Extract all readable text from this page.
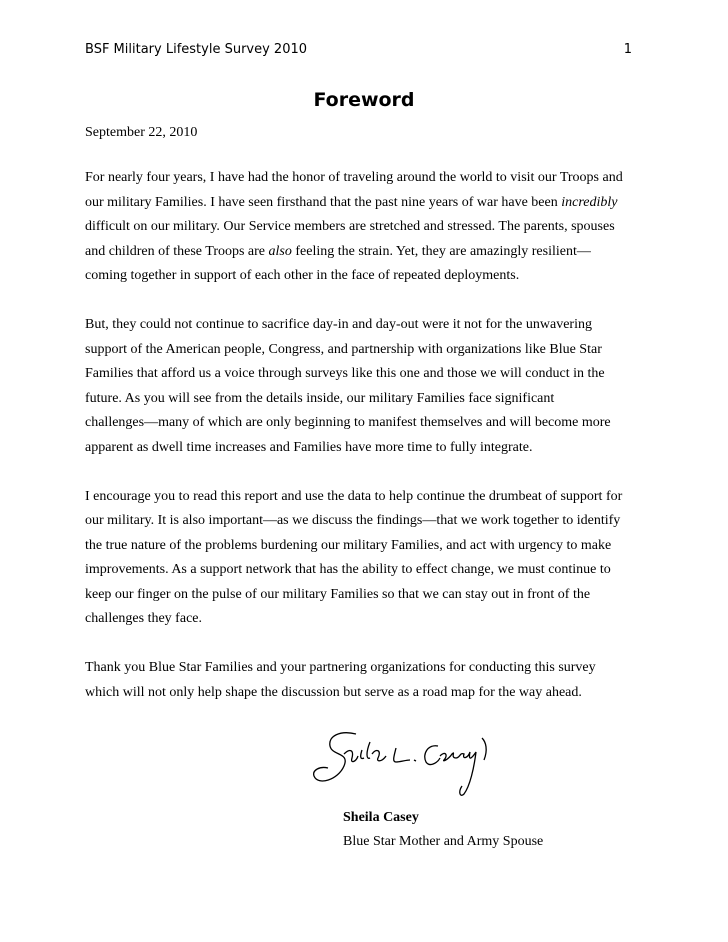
BSF Military Lifestyle Survey 2010	1
Foreword
September 22, 2010
For nearly four years, I have had the honor of traveling around the world to visit our Troops and
our military Families. I have seen firsthand that the past nine years of war have been incredibly
difficult on our military. Our Service members are stretched and stressed. The parents, spouses
and children of these Troops are also feeling the strain. Yet, they are amazingly resilient—
coming together in support of each other in the face of repeated deployments.
But, they could not continue to sacrifice day-in and day-out were it not for the unwavering
support of the American people, Congress, and partnership with organizations like Blue Star
Families that afford us a voice through surveys like this one and those we will conduct in the
future. As you will see from the details inside, our military Families face significant
challenges—many of which are only beginning to manifest themselves and will become more
apparent as dwell time increases and Families have more time to fully integrate.
I encourage you to read this report and use the data to help continue the drumbeat of support for
our military. It is also important—as we discuss the findings—that we work together to identify
the true nature of the problems burdening our military Families, and act with urgency to make
improvements. As a support network that has the ability to effect change, we must continue to
keep our finger on the pulse of our military Families so that we can stay out in front of the
challenges they face.
Thank you Blue Star Families and your partnering organizations for conducting this survey
which will not only help shape the discussion but serve as a road map for the way ahead.
Sheila Casey
Blue Star Mother and Army Spouse
